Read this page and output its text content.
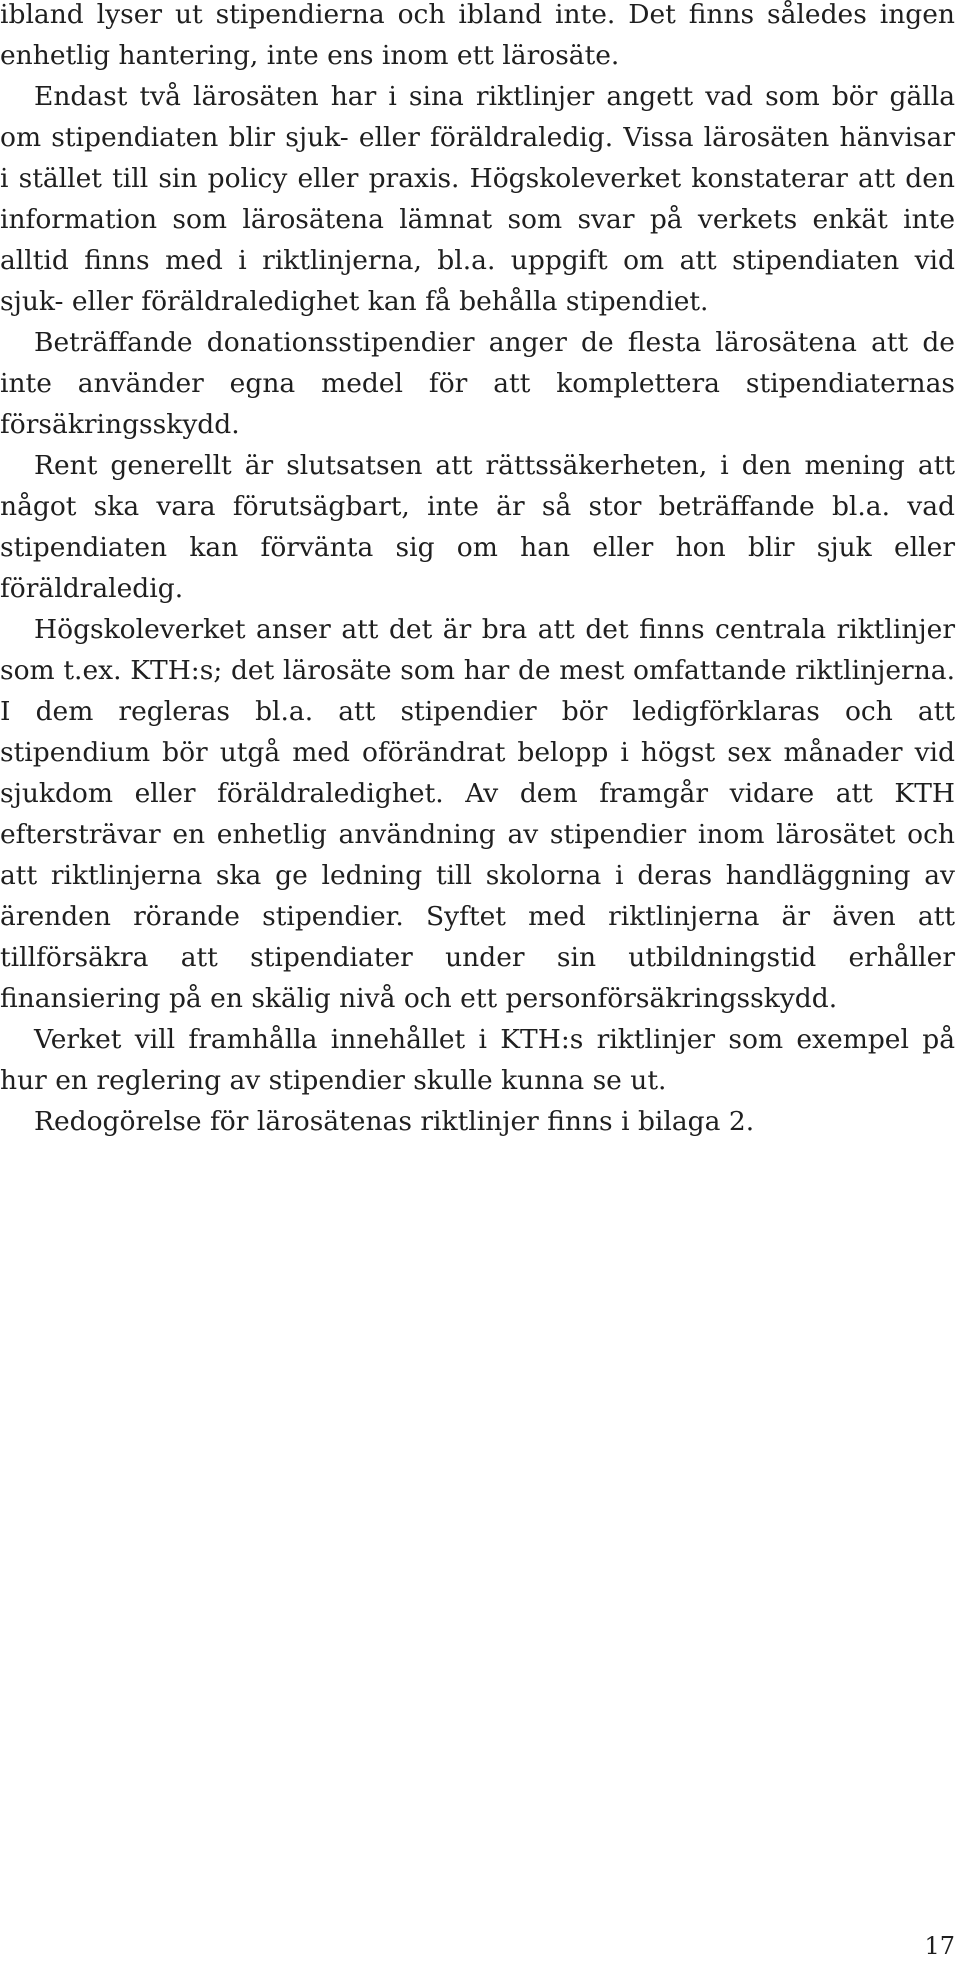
ibland lyser ut stipendierna och ibland inte. Det finns således ingen enhetlig hantering, inte ens inom ett lärosäte.

Endast två lärosäten har i sina riktlinjer angett vad som bör gälla om stipendiaten blir sjuk- eller föräldraledig. Vissa lärosäten hänvisar i stället till sin policy eller praxis. Högskoleverket konstaterar att den information som lärosätena lämnat som svar på verkets enkät inte alltid finns med i riktlinjerna, bl.a. uppgift om att stipendiaten vid sjuk- eller föräldraledighet kan få behålla stipendiet.

Beträffande donationsstipendier anger de flesta lärosätena att de inte använder egna medel för att komplettera stipendiaternas försäkringsskydd.

Rent generellt är slutsatsen att rättssäkerheten, i den mening att något ska vara förutsägbart, inte är så stor beträffande bl.a. vad stipendiaten kan förvänta sig om han eller hon blir sjuk eller föräldraledig.

Högskoleverket anser att det är bra att det finns centrala riktlinjer som t.ex. KTH:s; det lärosäte som har de mest omfattande riktlinjerna. I dem regleras bl.a. att stipendier bör ledigförklaras och att stipendium bör utgå med oförändrat belopp i högst sex månader vid sjukdom eller föräldraledighet. Av dem framgår vidare att KTH eftersträvar en enhetlig användning av stipendier inom lärosätet och att riktlinjerna ska ge ledning till skolorna i deras handläggning av ärenden rörande stipendier. Syftet med riktlinjerna är även att tillförsäkra att stipendiater under sin utbildningstid erhåller finansiering på en skälig nivå och ett personförsäkringsskydd.

Verket vill framhålla innehållet i KTH:s riktlinjer som exempel på hur en reglering av stipendier skulle kunna se ut.

Redogörelse för lärosätenas riktlinjer finns i bilaga 2.

17
